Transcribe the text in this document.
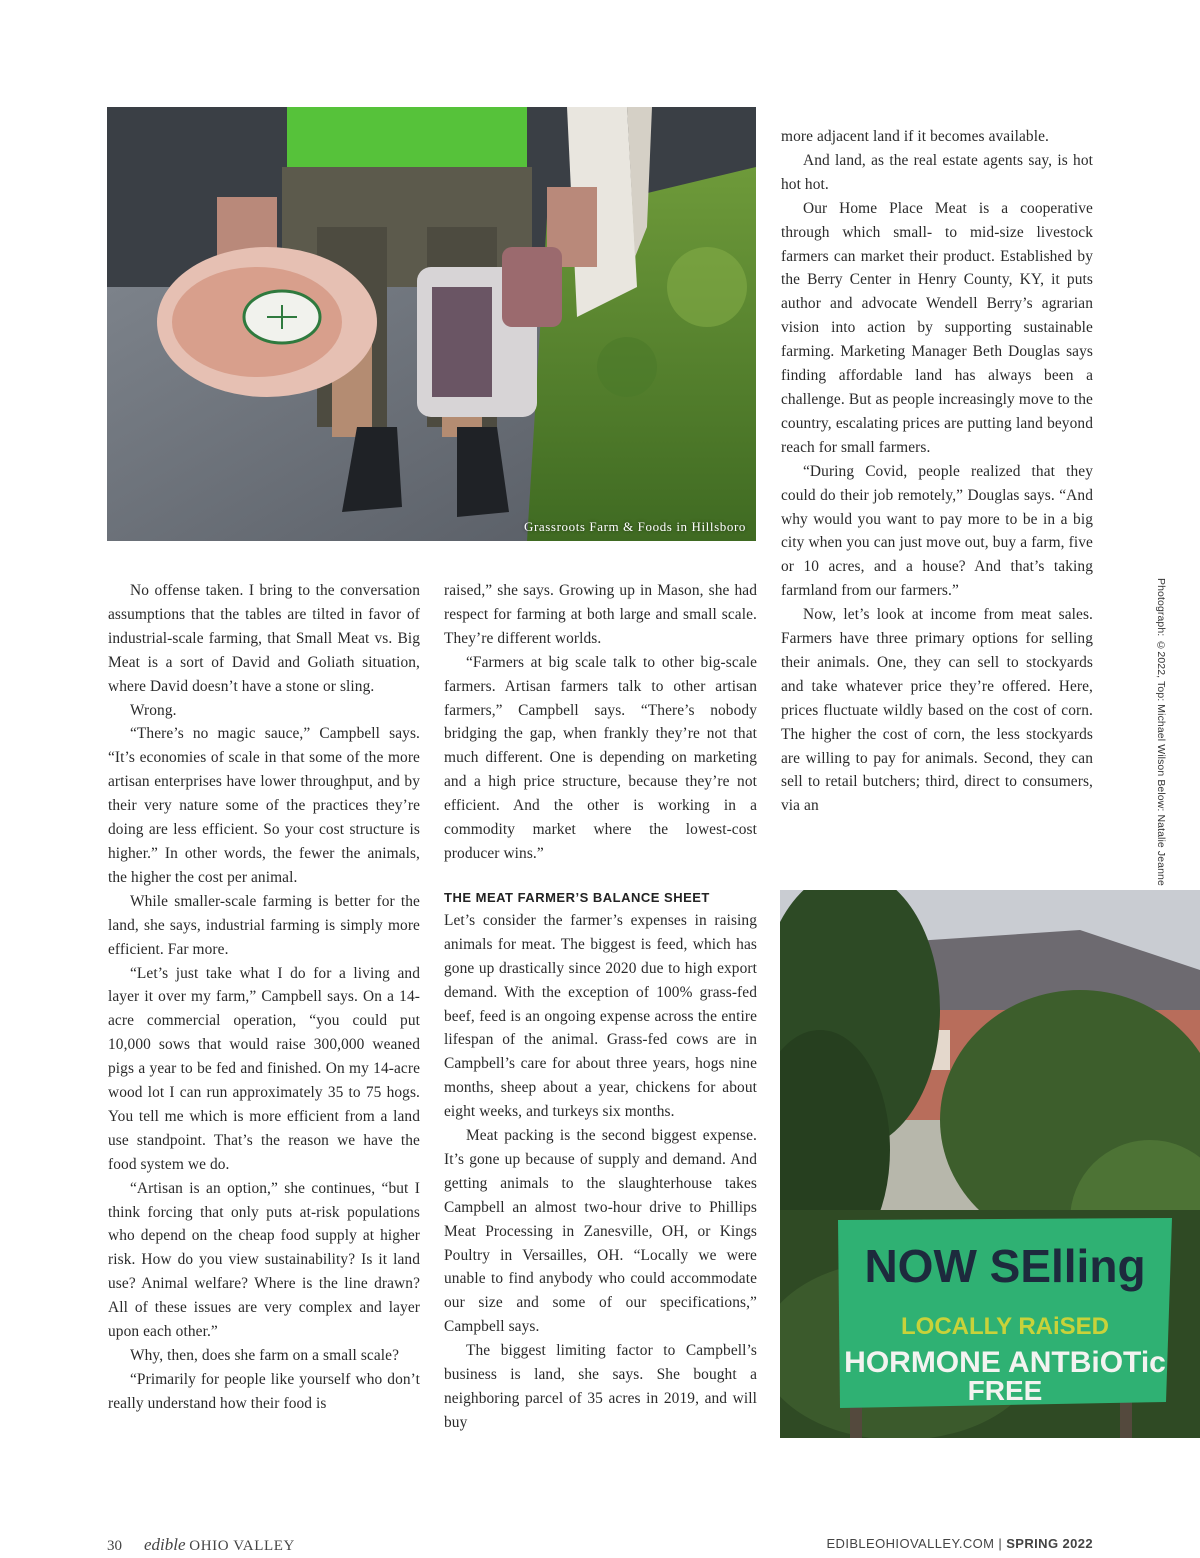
Grassroots Farm & Foods in Hillsboro

No offense taken. I bring to the conversation assumptions that the tables are tilted in favor of industrial-scale farming, that Small Meat vs. Big Meat is a sort of David and Goliath situation, where David doesn’t have a stone or sling.

Wrong.

“There’s no magic sauce,” Campbell says. “It’s economies of scale in that some of the more artisan enterprises have lower throughput, and by their very nature some of the practices they’re doing are less efficient. So your cost structure is higher.” In other words, the fewer the animals, the higher the cost per animal.

While smaller-scale farming is better for the land, she says, industrial farming is simply more efficient. Far more.

“Let’s just take what I do for a living and layer it over my farm,” Campbell says. On a 14-acre commercial operation, “you could put 10,000 sows that would raise 300,000 weaned pigs a year to be fed and finished. On my 14-acre wood lot I can run approximately 35 to 75 hogs. You tell me which is more efficient from a land use standpoint. That’s the reason we have the food system we do.

“Artisan is an option,” she continues, “but I think forcing that only puts at-risk populations who depend on the cheap food supply at higher risk. How do you view sustainability? Is it land use? Animal welfare? Where is the line drawn? All of these issues are very complex and layer upon each other.”

Why, then, does she farm on a small scale?

“Primarily for people like yourself who don’t really understand how their food is

raised,” she says. Growing up in Mason, she had respect for farming at both large and small scale. They’re different worlds.

“Farmers at big scale talk to other big-scale farmers. Artisan farmers talk to other artisan farmers,” Campbell says. “There’s nobody bridging the gap, when frankly they’re not that much different. One is depending on marketing and a high price structure, because they’re not efficient. And the other is working in a commodity market where the lowest-cost producer wins.”

THE MEAT FARMER’S BALANCE SHEET

Let’s consider the farmer’s expenses in raising animals for meat. The biggest is feed, which has gone up drastically since 2020 due to high export demand. With the exception of 100% grass-fed beef, feed is an ongoing expense across the entire lifespan of the animal. Grass-fed cows are in Campbell’s care for about three years, hogs nine months, sheep about a year, chickens for about eight weeks, and turkeys six months.

Meat packing is the second biggest expense. It’s gone up because of supply and demand. And getting animals to the slaughterhouse takes Campbell an almost two-hour drive to Phillips Meat Processing in Zanesville, OH, or Kings Poultry in Versailles, OH. “Locally we were unable to find anybody who could accommodate our size and some of our specifications,” Campbell says.

The biggest limiting factor to Campbell’s business is land, she says. She bought a neighboring parcel of 35 acres in 2019, and will buy

more adjacent land if it becomes available.

And land, as the real estate agents say, is hot hot hot.

Our Home Place Meat is a cooperative through which small- to mid-size livestock farmers can market their product. Established by the Berry Center in Henry County, KY, it puts author and advocate Wendell Berry’s agrarian vision into action by supporting sustainable farming. Marketing Manager Beth Douglas says finding affordable land has always been a challenge. But as people increasingly move to the country, escalating prices are putting land beyond reach for small farmers.

“During Covid, people realized that they could do their job remotely,” Douglas says. “And why would you want to pay more to be in a big city when you can just move out, buy a farm, five or 10 acres, and a house? And that’s taking farmland from our farmers.”

Now, let’s look at income from meat sales. Farmers have three primary options for selling their animals. One, they can sell to stockyards and take whatever price they’re offered. Here, prices fluctuate wildly based on the cost of corn. The higher the cost of corn, the less stockyards are willing to pay for animals. Second, they can sell to retail butchers; third, direct to consumers, via an	Photograph: ©2022, Top: Michael Wilson Below: Natalie Jeanne
NOW SElling
LOCALLY RAiSED
HORMONE ANTBiOTic
FREE
30 edible OHIO VALLEY	EDIBLEOHIOVALLEY.COM | SPRING 2022
